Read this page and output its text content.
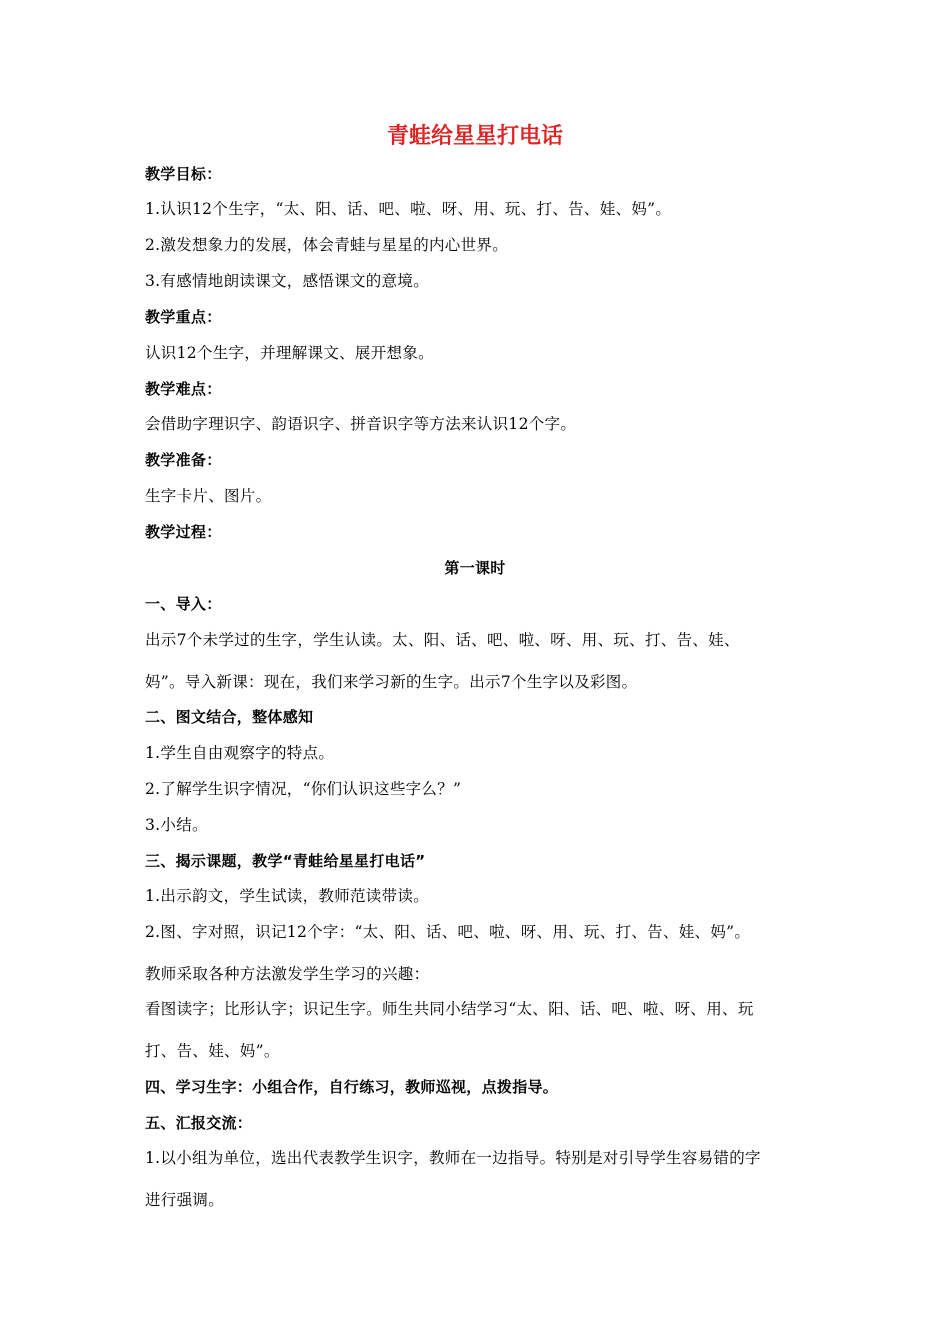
青蛙给星星打电话
教学目标：
1.认识12个生字，“太、阳、话、吧、啦、呀、用、玩、打、告、娃、妈”。
2.激发想象力的发展，体会青蛙与星星的内心世界。
3.有感情地朗读课文，感悟课文的意境。
教学重点：
认识12个生字，并理解课文、展开想象。
教学难点：
会借助字理识字、韵语识字、拼音识字等方法来认识12个字。
教学准备：
生字卡片、图片。
教学过程：
第一课时
一、导入：
出示7个未学过的生字，学生认读。太、阳、话、吧、啦、呀、用、玩、打、告、娃、
妈”。导入新课：现在，我们来学习新的生字。出示7个生字以及彩图。
二、图文结合，整体感知
1.学生自由观察字的特点。
2.了解学生识字情况，“你们认识这些字么？”
3.小结。
三、揭示课题，教学“青蛙给星星打电话”
1.出示韵文，学生试读，教师范读带读。
2.图、字对照，识记12个字：“太、阳、话、吧、啦、呀、用、玩、打、告、娃、妈”。
教师采取各种方法激发学生学习的兴趣：
看图读字；比形认字；识记生字。师生共同小结学习“太、阳、话、吧、啦、呀、用、玩
打、告、娃、妈”。
四、学习生字：小组合作，自行练习，教师巡视，点拨指导。
五、汇报交流：
1.以小组为单位，选出代表教学生识字，教师在一边指导。特别是对引导学生容易错的字
进行强调。
